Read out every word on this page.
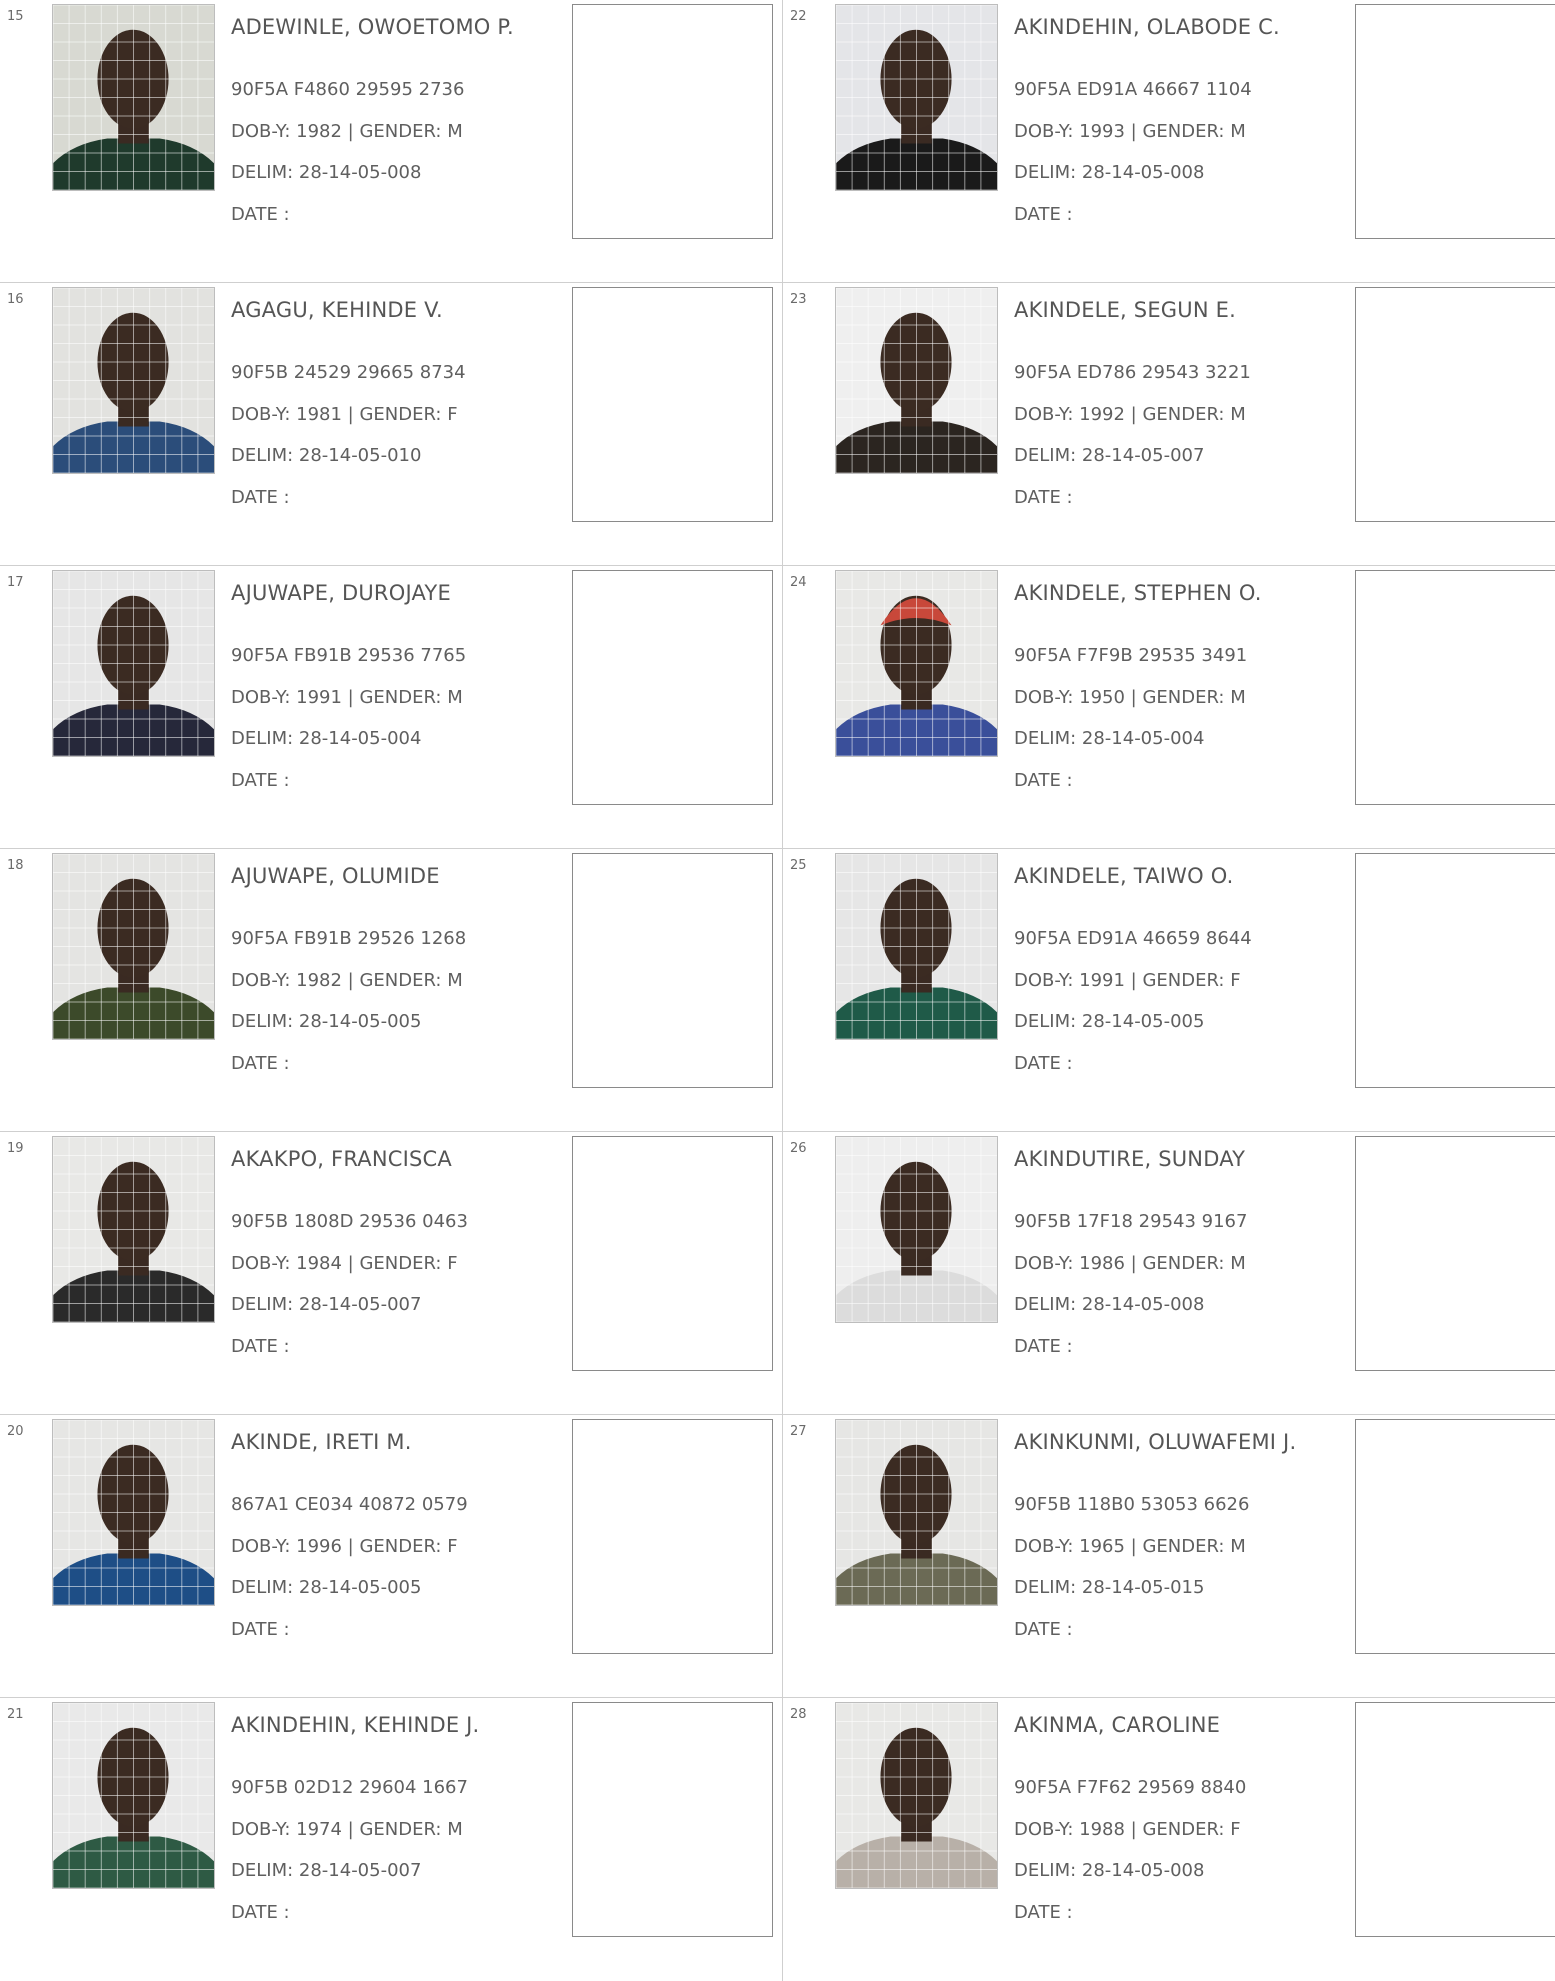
15	ADEWINLE, OWOETOMO P.
90F5A F4860 29595 2736
DOB-Y: 1982 | GENDER: M
DELIM: 28-14-05-008
DATE :
16	AGAGU, KEHINDE V.
90F5B 24529 29665 8734
DOB-Y: 1981 | GENDER: F
DELIM: 28-14-05-010
DATE :
17	AJUWAPE, DUROJAYE
90F5A FB91B 29536 7765
DOB-Y: 1991 | GENDER: M
DELIM: 28-14-05-004
DATE :
18	AJUWAPE, OLUMIDE
90F5A FB91B 29526 1268
DOB-Y: 1982 | GENDER: M
DELIM: 28-14-05-005
DATE :
19	AKAKPO, FRANCISCA
90F5B 1808D 29536 0463
DOB-Y: 1984 | GENDER: F
DELIM: 28-14-05-007
DATE :
20	AKINDE, IRETI M.
867A1 CE034 40872 0579
DOB-Y: 1996 | GENDER: F
DELIM: 28-14-05-005
DATE :
21	AKINDEHIN, KEHINDE J.
90F5B 02D12 29604 1667
DOB-Y: 1974 | GENDER: M
DELIM: 28-14-05-007
DATE :
22	AKINDEHIN, OLABODE C.
90F5A ED91A 46667 1104
DOB-Y: 1993 | GENDER: M
DELIM: 28-14-05-008
DATE :
23	AKINDELE, SEGUN E.
90F5A ED786 29543 3221
DOB-Y: 1992 | GENDER: M
DELIM: 28-14-05-007
DATE :
24	AKINDELE, STEPHEN O.
90F5A F7F9B 29535 3491
DOB-Y: 1950 | GENDER: M
DELIM: 28-14-05-004
DATE :
25	AKINDELE, TAIWO O.
90F5A ED91A 46659 8644
DOB-Y: 1991 | GENDER: F
DELIM: 28-14-05-005
DATE :
26	AKINDUTIRE, SUNDAY
90F5B 17F18 29543 9167
DOB-Y: 1986 | GENDER: M
DELIM: 28-14-05-008
DATE :
27	AKINKUNMI, OLUWAFEMI J.
90F5B 118B0 53053 6626
DOB-Y: 1965 | GENDER: M
DELIM: 28-14-05-015
DATE :
28	AKINMA, CAROLINE
90F5A F7F62 29569 8840
DOB-Y: 1988 | GENDER: F
DELIM: 28-14-05-008
DATE :
